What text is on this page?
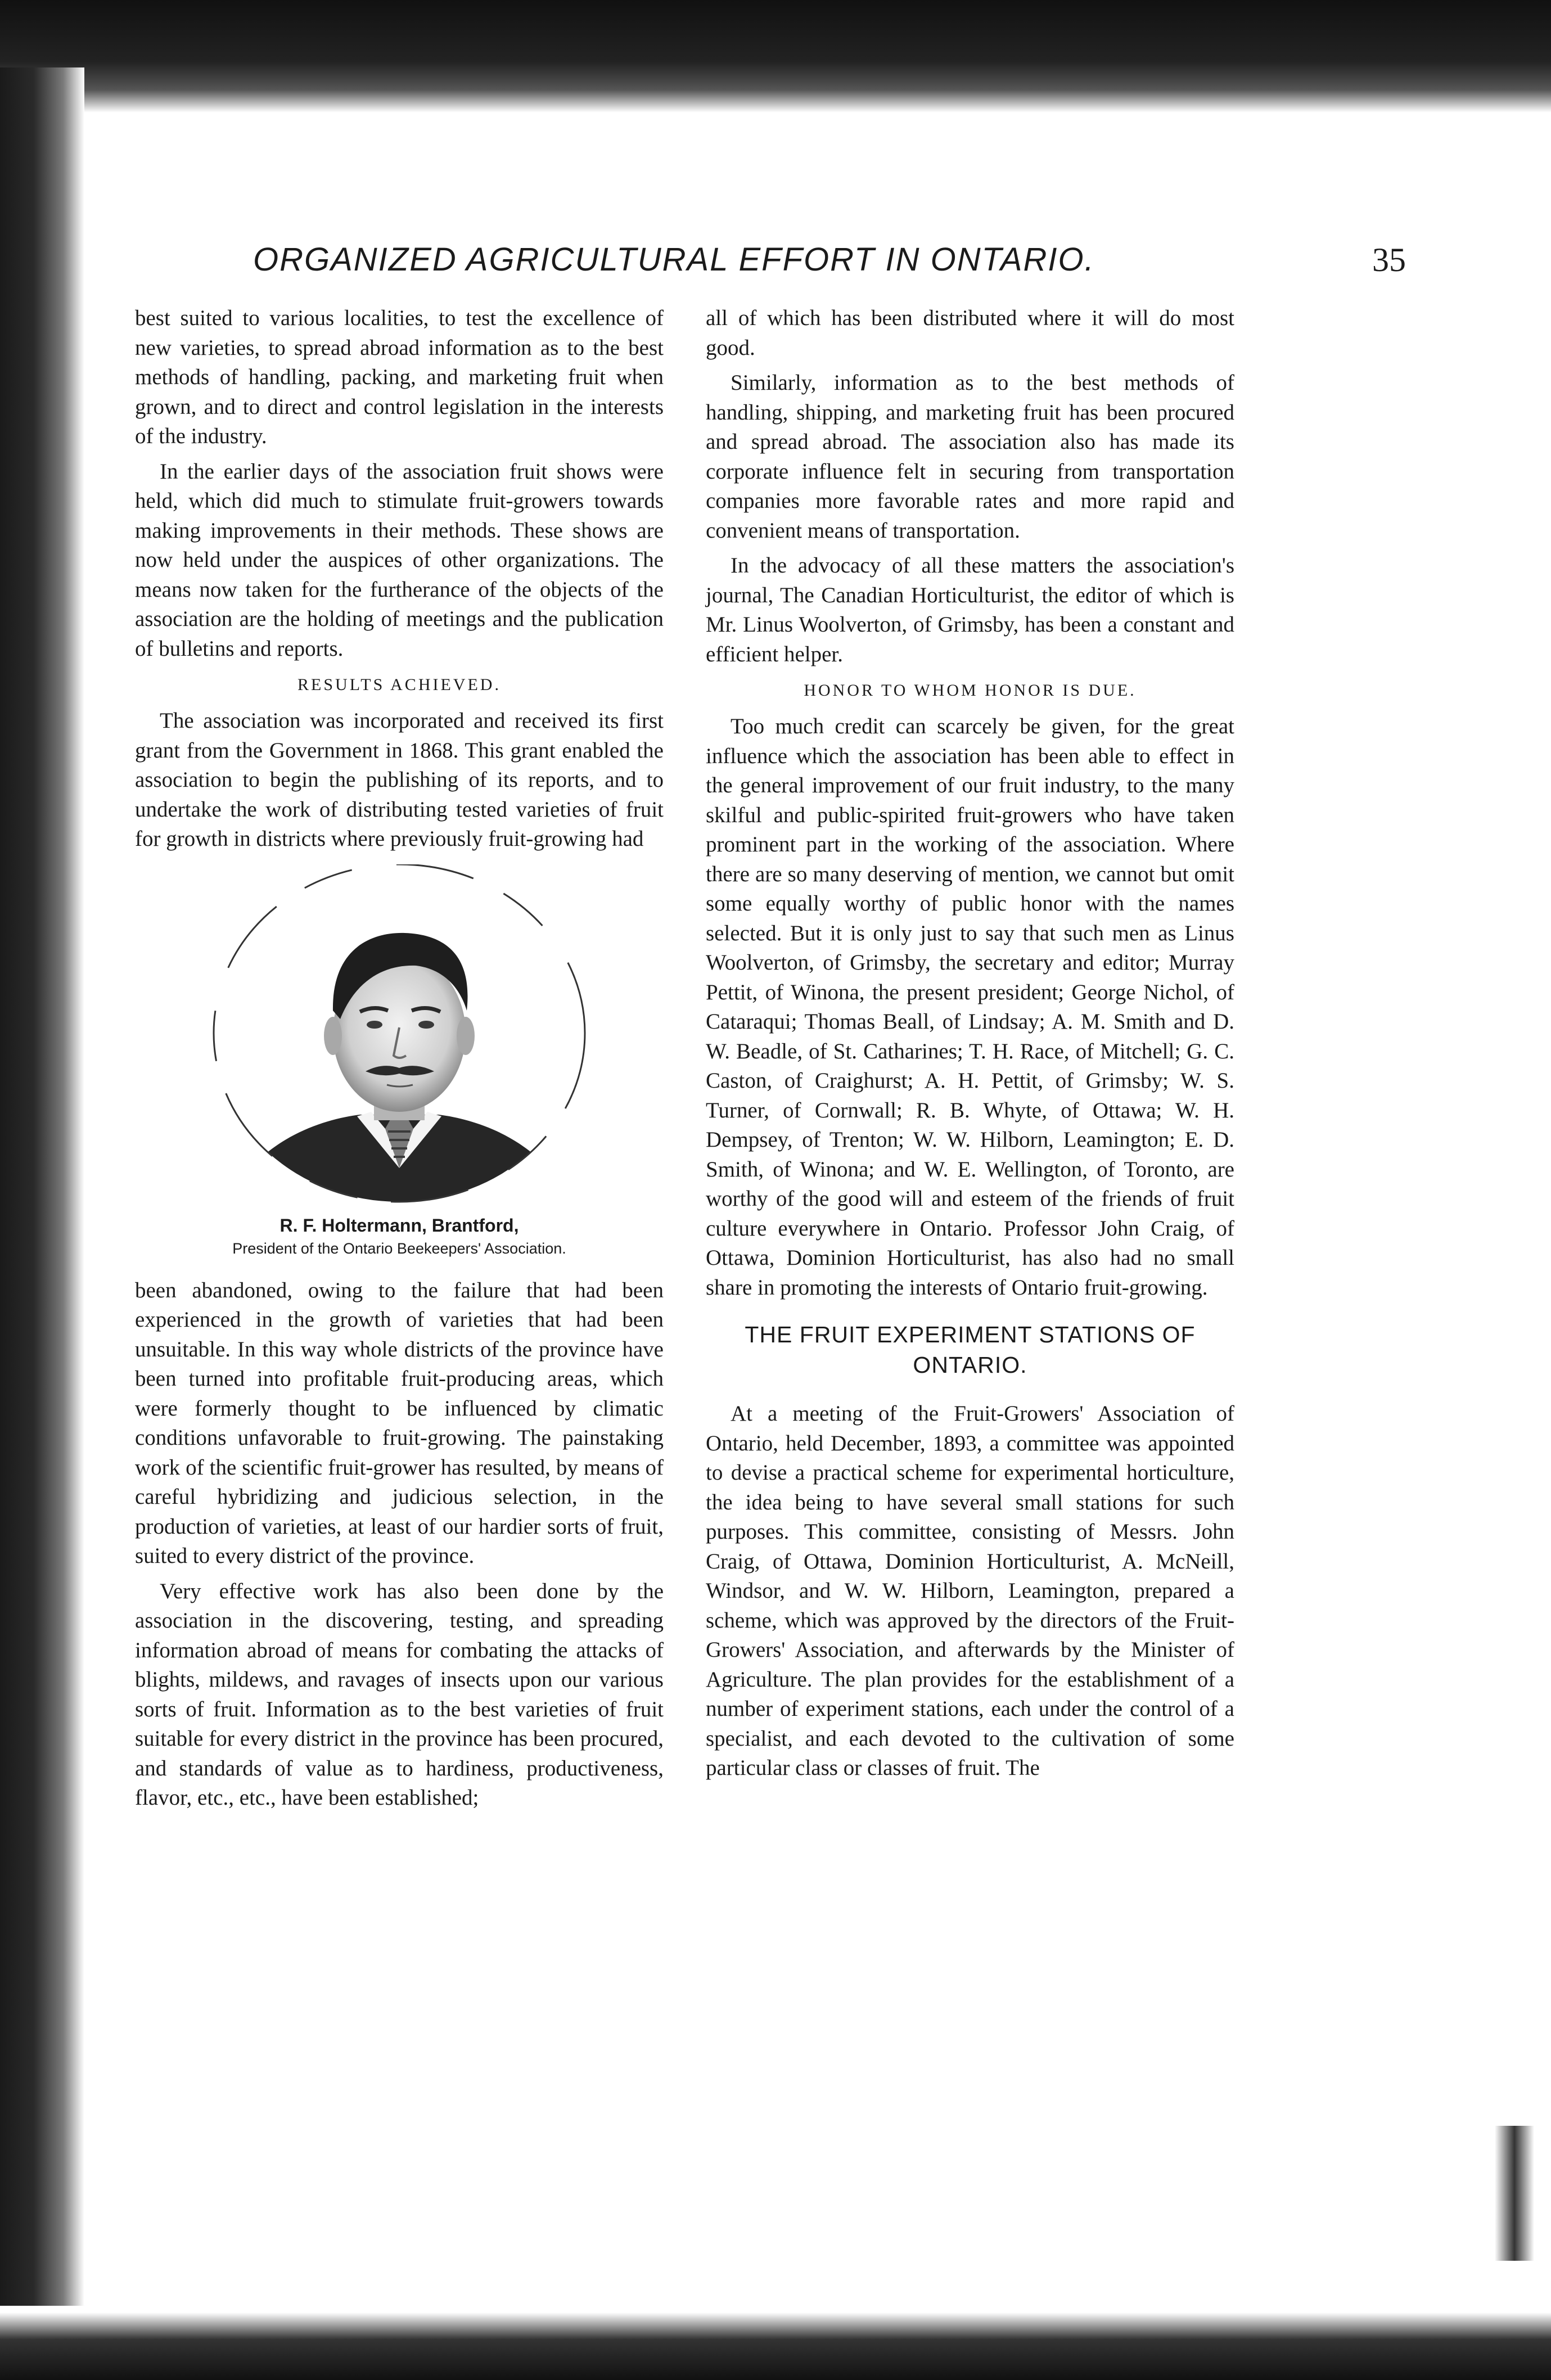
ORGANIZED AGRICULTURAL EFFORT IN ONTARIO.	35

best suited to various localities, to test the excellence of new varieties, to spread abroad information as to the best methods of handling, packing, and marketing fruit when grown, and to direct and control legislation in the interests of the industry.

In the earlier days of the association fruit shows were held, which did much to stimulate fruit-growers towards making improvements in their methods. These shows are now held under the auspices of other organizations. The means now taken for the furtherance of the objects of the association are the holding of meetings and the publication of bulletins and reports.

RESULTS ACHIEVED.

The association was incorporated and received its first grant from the Government in 1868. This grant enabled the association to begin the publishing of its reports, and to undertake the work of distributing tested varieties of fruit for growth in districts where previously fruit-growing had

R. F. Holtermann, Brantford,
President of the Ontario Beekeepers' Association.

been abandoned, owing to the failure that had been experienced in the growth of varieties that had been unsuitable. In this way whole districts of the province have been turned into profitable fruit-producing areas, which were formerly thought to be influenced by climatic conditions unfavorable to fruit-growing. The painstaking work of the scientific fruit-grower has resulted, by means of careful hybridizing and judicious selection, in the production of varieties, at least of our hardier sorts of fruit, suited to every district of the province.

Very effective work has also been done by the association in the discovering, testing, and spreading information abroad of means for combating the attacks of blights, mildews, and ravages of insects upon our various sorts of fruit. Information as to the best varieties of fruit suitable for every district in the province has been procured, and standards of value as to hardiness, productiveness, flavor, etc., etc., have been established;

all of which has been distributed where it will do most good.

Similarly, information as to the best methods of handling, shipping, and marketing fruit has been procured and spread abroad. The association also has made its corporate influence felt in securing from transportation companies more favorable rates and more rapid and convenient means of transportation.

In the advocacy of all these matters the association's journal, The Canadian Horticulturist, the editor of which is Mr. Linus Woolverton, of Grimsby, has been a constant and efficient helper.

HONOR TO WHOM HONOR IS DUE.

Too much credit can scarcely be given, for the great influence which the association has been able to effect in the general improvement of our fruit industry, to the many skilful and public-spirited fruit-growers who have taken prominent part in the working of the association. Where there are so many deserving of mention, we cannot but omit some equally worthy of public honor with the names selected. But it is only just to say that such men as Linus Woolverton, of Grimsby, the secretary and editor; Murray Pettit, of Winona, the present president; George Nichol, of Cataraqui; Thomas Beall, of Lindsay; A. M. Smith and D. W. Beadle, of St. Catharines; T. H. Race, of Mitchell; G. C. Caston, of Craighurst; A. H. Pettit, of Grimsby; W. S. Turner, of Cornwall; R. B. Whyte, of Ottawa; W. H. Dempsey, of Trenton; W. W. Hilborn, Leamington; E. D. Smith, of Winona; and W. E. Wellington, of Toronto, are worthy of the good will and esteem of the friends of fruit culture everywhere in Ontario. Professor John Craig, of Ottawa, Dominion Horticulturist, has also had no small share in promoting the interests of Ontario fruit-growing.

THE FRUIT EXPERIMENT STATIONS OF ONTARIO.

At a meeting of the Fruit-Growers' Association of Ontario, held December, 1893, a committee was appointed to devise a practical scheme for experimental horticulture, the idea being to have several small stations for such purposes. This committee, consisting of Messrs. John Craig, of Ottawa, Dominion Horticulturist, A. McNeill, Windsor, and W. W. Hilborn, Leamington, prepared a scheme, which was approved by the directors of the Fruit-Growers' Association, and afterwards by the Minister of Agriculture. The plan provides for the establishment of a number of experiment stations, each under the control of a specialist, and each devoted to the cultivation of some particular class or classes of fruit. The
